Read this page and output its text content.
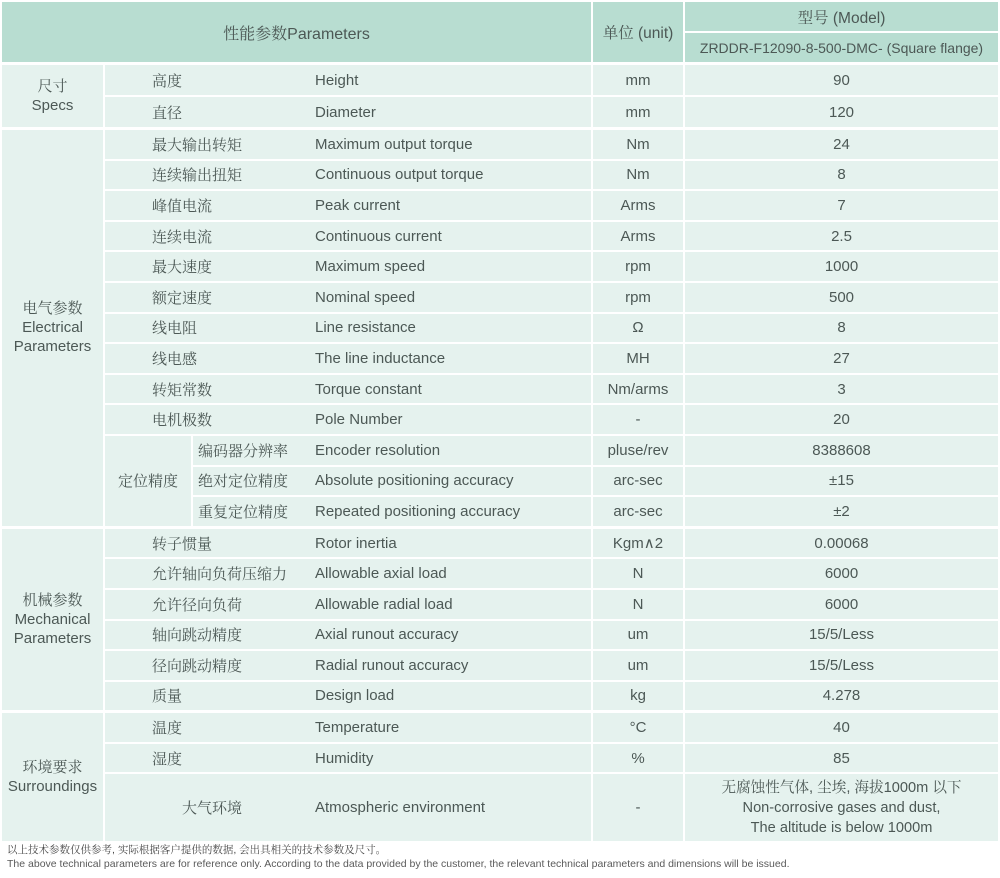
性能参数Parameters	单位 (unit)
型号 (Model)
ZRDDR-F12090-8-500-DMC- (Square flange)
尺寸
Specs
高度	Height	mm	90
直径	Diameter	mm	120
电气参数
Electrical
Parameters
最大输出转矩	Maximum output torque	Nm	24
连续输出扭矩	Continuous output torque	Nm	8
峰值电流	Peak current	Arms	7
连续电流	Continuous current	Arms	2.5
最大速度	Maximum speed	rpm	1000
额定速度	Nominal speed	rpm	500
线电阻	Line resistance	Ω	8
线电感	The line inductance	MH	27
转矩常数	Torque constant	Nm/arms	3
电机极数	Pole Number	-	20
定位精度
编码器分辨率	Encoder resolution	pluse/rev	8388608
绝对定位精度	Absolute positioning accuracy	arc-sec	±15
重复定位精度	Repeated positioning accuracy	arc-sec	±2
机械参数
Mechanical
Parameters
转子惯量	Rotor inertia	Kgm∧2	0.00068
允许轴向负荷压缩力	Allowable axial load	N	6000
允许径向负荷	Allowable radial load	N	6000
轴向跳动精度	Axial runout accuracy	um	15/5/Less
径向跳动精度	Radial runout accuracy	um	15/5/Less
质量	Design load	kg	4.278
环境要求
Surroundings
温度	Temperature	°C	40
湿度	Humidity	%	85
大气环境	Atmospheric environment	-
无腐蚀性气体, 尘埃, 海拔1000m 以下
Non-corrosive gases and dust,
The altitude is below 1000m
以上技术参数仅供参考, 实际根据客户提供的数据, 会出具相关的技术参数及尺寸。
The above technical parameters are for reference only. According to the data provided by the customer, the relevant technical parameters and dimensions will be issued.
